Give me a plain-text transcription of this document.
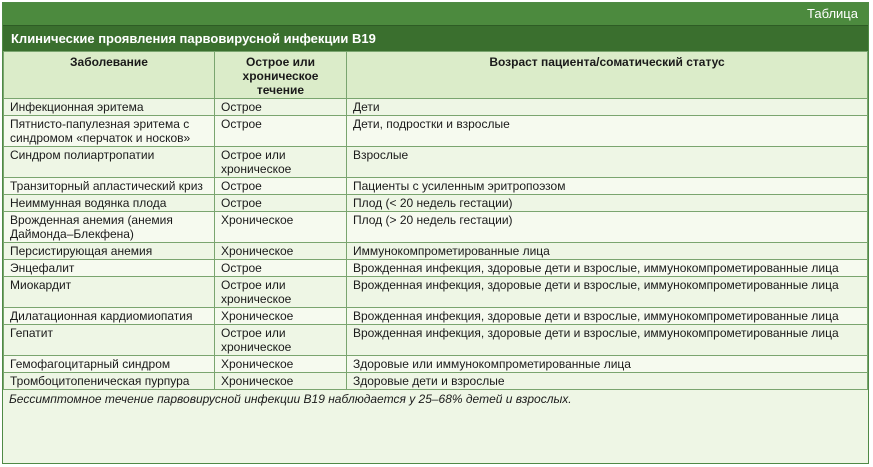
Таблица
Клинические проявления парвовирусной инфекции В19
Заболевание	Острое или хроническое течение	Возраст пациента/соматический статус
Инфекционная эритема	Острое	Дети
Пятнисто-папулезная эритема с синдромом «перчаток и носков»	Острое	Дети, подростки и взрослые
Синдром полиартропатии	Острое или хроническое	Взрослые
Транзиторный апластический криз	Острое	Пациенты с усиленным эритропоэзом
Неиммунная водянка плода	Острое	Плод (< 20 недель гестации)
Врожденная анемия (анемия Даймонда–Блекфена)	Хроническое	Плод (> 20 недель гестации)
Персистирующая анемия	Хроническое	Иммунокомпрометированные лица
Энцефалит	Острое	Врожденная инфекция, здоровые дети и взрослые, иммунокомпрометированные лица
Миокардит	Острое или хроническое	Врожденная инфекция, здоровые дети и взрослые, иммунокомпрометированные лица
Дилатационная кардиомиопатия	Хроническое	Врожденная инфекция, здоровые дети и взрослые, иммунокомпрометированные лица
Гепатит	Острое или хроническое	Врожденная инфекция, здоровые дети и взрослые, иммунокомпрометированные лица
Гемофагоцитарный синдром	Хроническое	Здоровые или иммунокомпрометированные лица
Тромбоцитопеническая пурпура	Хроническое	Здоровые дети и взрослые
Бессимптомное течение парвовирусной инфекции В19 наблюдается у 25–68% детей и взрослых.
